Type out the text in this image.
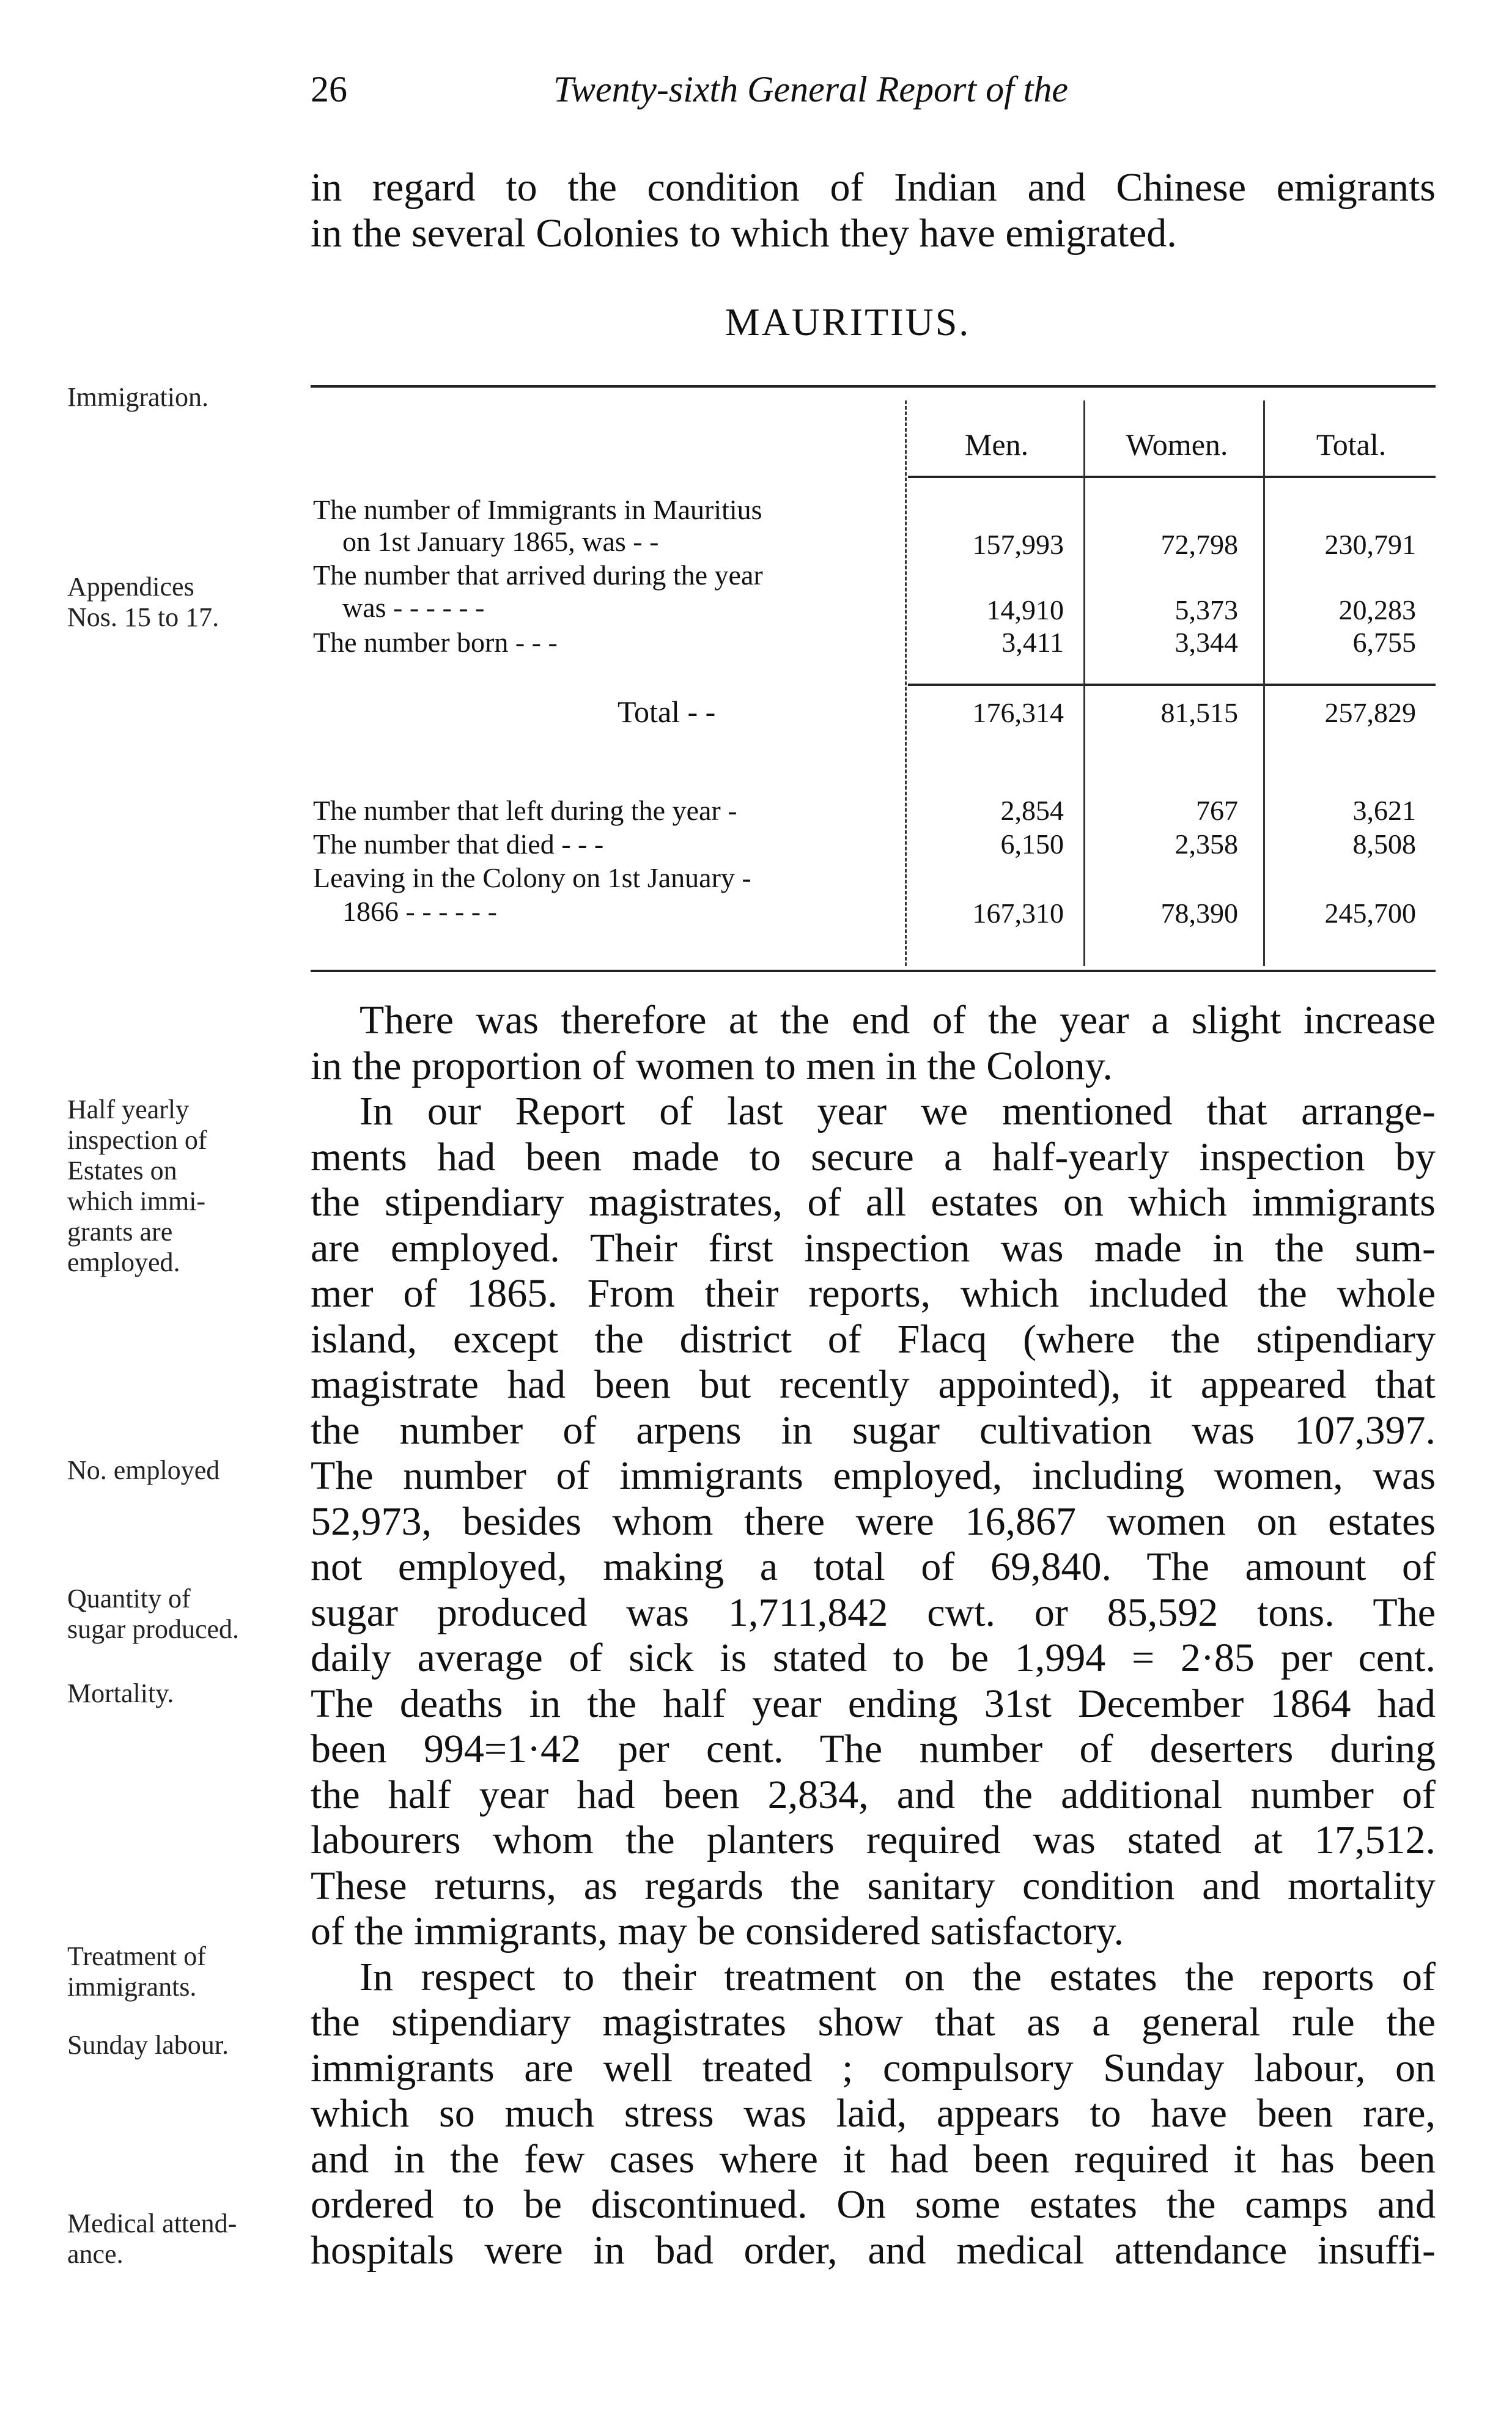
26	Twenty-sixth General Report of the
in regard to the condition of Indian and Chinese emigrants
in the several Colonies to which they have emigrated.
MAURITIUS.
Immigration.
Appendices
Nos. 15 to 17.
Half yearly
inspection of
Estates on
which immi-
grants are
employed.
No. employed
Quantity of
sugar produced.
Mortality.
Treatment of
immigrants.
Sunday labour.
Medical attend-
ance.
Men.	Women.	Total.
The number of Immigrants in Mauritius
on 1st January 1865, was - -	157,993	72,798	230,791
The number that arrived during the year
was - - - - - -	14,910	5,373	20,283
The number born - - -	3,411	3,344	6,755
Total - -	176,314	81,515	257,829
The number that left during the year -	2,854	767	3,621
The number that died - - -	6,150	2,358	8,508
Leaving in the Colony on 1st January -
1866 - - - - - -	167,310	78,390	245,700
There was therefore at the end of the year a slight increase
in the proportion of women to men in the Colony.
In our Report of last year we mentioned that arrange-
ments had been made to secure a half-yearly inspection by
the stipendiary magistrates, of all estates on which immigrants
are employed. Their first inspection was made in the sum-
mer of 1865. From their reports, which included the whole
island, except the district of Flacq (where the stipendiary
magistrate had been but recently appointed), it appeared that
the number of arpens in sugar cultivation was 107,397.
The number of immigrants employed, including women, was
52,973, besides whom there were 16,867 women on estates
not employed, making a total of 69,840. The amount of
sugar produced was 1,711,842 cwt. or 85,592 tons. The
daily average of sick is stated to be 1,994 = 2·85 per cent.
The deaths in the half year ending 31st December 1864 had
been 994=1·42 per cent. The number of deserters during
the half year had been 2,834, and the additional number of
labourers whom the planters required was stated at 17,512.
These returns, as regards the sanitary condition and mortality
of the immigrants, may be considered satisfactory.
In respect to their treatment on the estates the reports of
the stipendiary magistrates show that as a general rule the
immigrants are well treated ; compulsory Sunday labour, on
which so much stress was laid, appears to have been rare,
and in the few cases where it had been required it has been
ordered to be discontinued. On some estates the camps and
hospitals were in bad order, and medical attendance insuffi-
